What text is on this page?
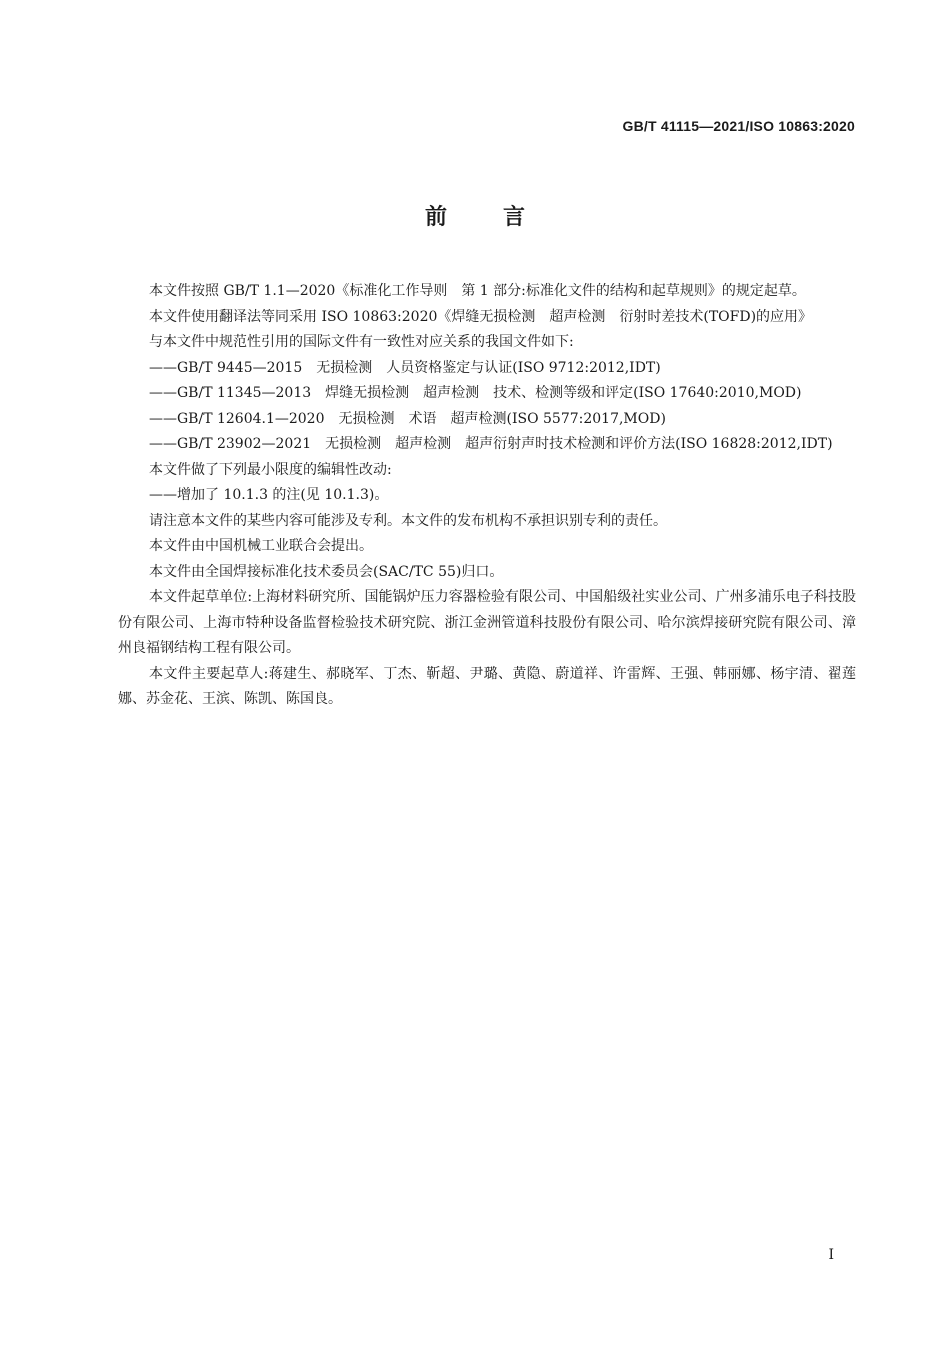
GB/T 41115—2021/ISO 10863:2020
前言

本文件按照 GB/T 1.1—2020《标准化工作导则　第 1 部分:标准化文件的结构和起草规则》的规定起草。

本文件使用翻译法等同采用 ISO 10863:2020《焊缝无损检测　超声检测　衍射时差技术(TOFD)的应用》

与本文件中规范性引用的国际文件有一致性对应关系的我国文件如下:

——GB/T 9445—2015　无损检测　人员资格鉴定与认证(ISO 9712:2012,IDT)

——GB/T 11345—2013　焊缝无损检测　超声检测　技术、检测等级和评定(ISO 17640:2010,MOD)

——GB/T 12604.1—2020　无损检测　术语　超声检测(ISO 5577:2017,MOD)

——GB/T 23902—2021　无损检测　超声检测　超声衍射声时技术检测和评价方法(ISO 16828:2012,IDT)

本文件做了下列最小限度的编辑性改动:

——增加了 10.1.3 的注(见 10.1.3)。

请注意本文件的某些内容可能涉及专利。本文件的发布机构不承担识别专利的责任。

本文件由中国机械工业联合会提出。

本文件由全国焊接标准化技术委员会(SAC/TC 55)归口。

本文件起草单位:上海材料研究所、国能锅炉压力容器检验有限公司、中国船级社实业公司、广州多浦乐电子科技股份有限公司、上海市特种设备监督检验技术研究院、浙江金洲管道科技股份有限公司、哈尔滨焊接研究院有限公司、漳州良福钢结构工程有限公司。

本文件主要起草人:蒋建生、郝晓军、丁杰、靳超、尹璐、黄隐、蔚道祥、许雷辉、王强、韩丽娜、杨宇清、翟莲娜、苏金花、王滨、陈凯、陈国良。

I
